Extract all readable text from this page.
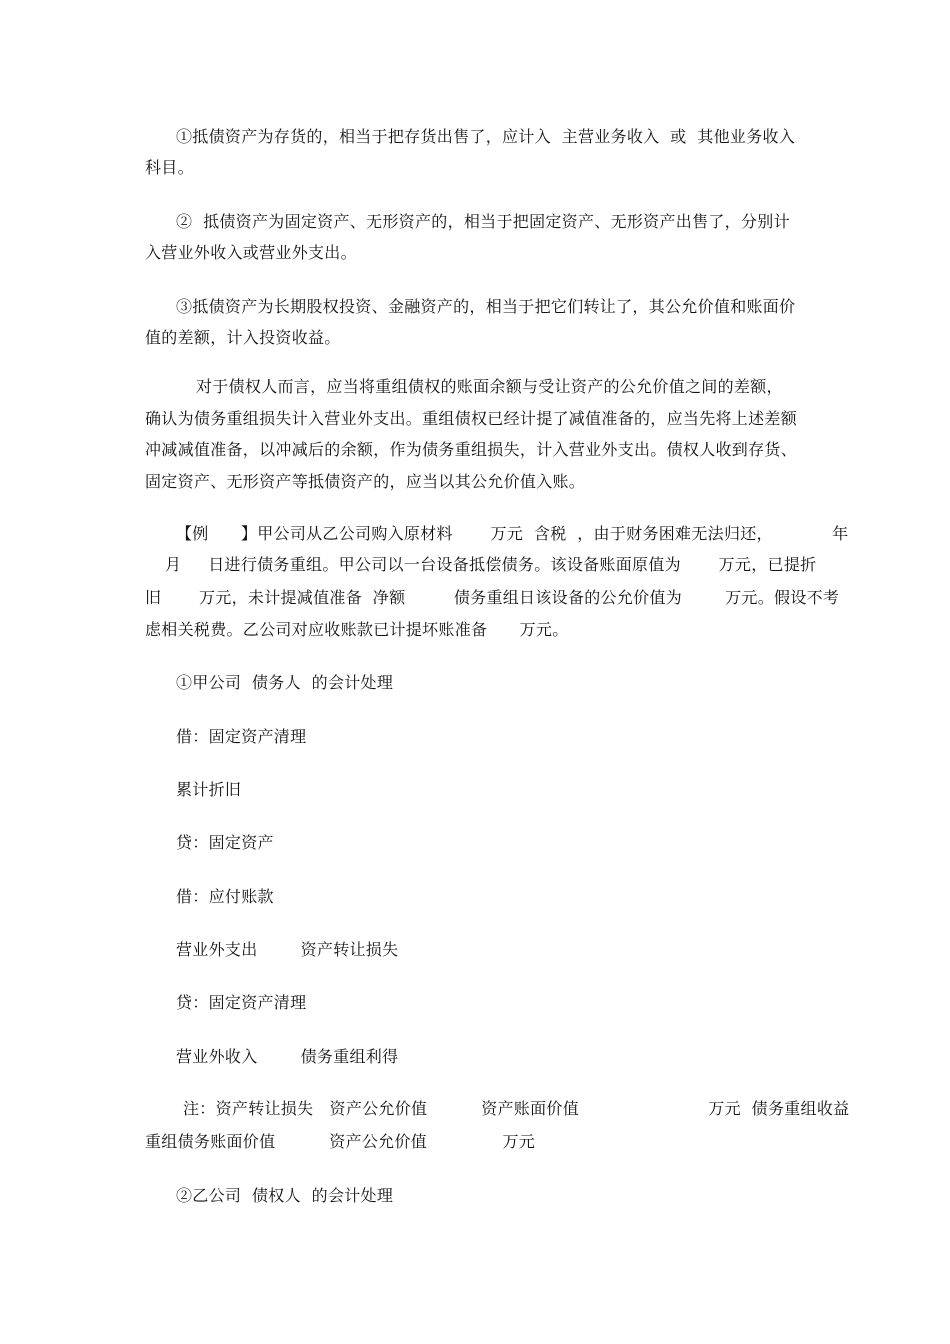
①抵债资产为存货的，相当于把存货出售了，应计入  主营业务收入  或  其他业务收入
科目。
②  抵债资产为固定资产、无形资产的，相当于把固定资产、无形资产出售了，分别计
入营业外收入或营业外支出。
③抵债资产为长期股权投资、金融资产的，相当于把它们转让了，其公允价值和账面价
值的差额，计入投资收益。
对于债权人而言，应当将重组债权的账面余额与受让资产的公允价值之间的差额，
确认为债务重组损失计入营业外支出。重组债权已经计提了减值准备的，应当先将上述差额
冲减减值准备，以冲减后的余额，作为债务重组损失，计入营业外支出。债权人收到存货、
固定资产、无形资产等抵债资产的，应当以其公允价值入账。
【例      】甲公司从乙公司购入原材料       万元  含税  ，由于财务困难无法归还，           年
月     日进行债务重组。甲公司以一台设备抵偿债务。该设备账面原值为       万元，已提折
旧       万元，未计提减值准备  净额         债务重组日该设备的公允价值为        万元。假设不考
虑相关税费。乙公司对应收账款已计提坏账准备      万元。
①甲公司  债务人  的会计处理
借：固定资产清理
累计折旧
贷：固定资产
借：应付账款
营业外支出        资产转让损失
贷：固定资产清理
营业外收入        债务重组利得
注：资产转让损失   资产公允价值          资产账面价值                        万元  债务重组收益
重组债务账面价值          资产公允价值              万元
②乙公司  债权人  的会计处理
